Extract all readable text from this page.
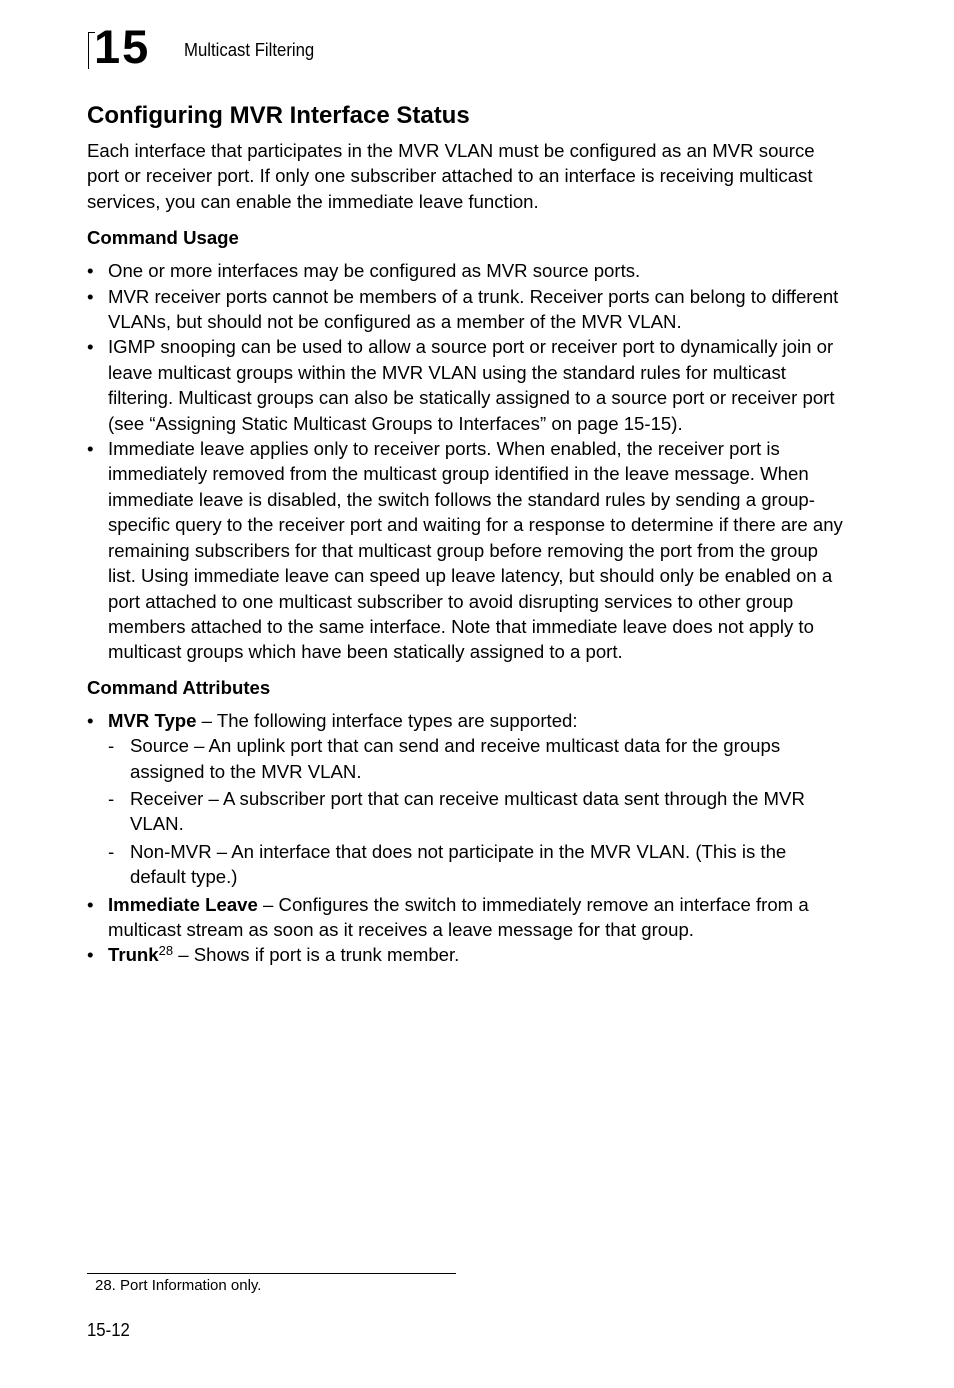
15 Multicast Filtering
Configuring MVR Interface Status

Each interface that participates in the MVR VLAN must be configured as an MVR source port or receiver port. If only one subscriber attached to an interface is receiving multicast services, you can enable the immediate leave function.

Command Usage
• One or more interfaces may be configured as MVR source ports.
• MVR receiver ports cannot be members of a trunk. Receiver ports can belong to different VLANs, but should not be configured as a member of the MVR VLAN.
• IGMP snooping can be used to allow a source port or receiver port to dynamically join or leave multicast groups within the MVR VLAN using the standard rules for multicast filtering. Multicast groups can also be statically assigned to a source port or receiver port (see “Assigning Static Multicast Groups to Interfaces” on page 15-15).
• Immediate leave applies only to receiver ports. When enabled, the receiver port is immediately removed from the multicast group identified in the leave message. When immediate leave is disabled, the switch follows the standard rules by sending a group-specific query to the receiver port and waiting for a response to determine if there are any remaining subscribers for that multicast group before removing the port from the group list. Using immediate leave can speed up leave latency, but should only be enabled on a port attached to one multicast subscriber to avoid disrupting services to other group members attached to the same interface. Note that immediate leave does not apply to multicast groups which have been statically assigned to a port.
Command Attributes
• MVR Type – The following interface types are supported:
- Source – An uplink port that can send and receive multicast data for the groups assigned to the MVR VLAN.
- Receiver – A subscriber port that can receive multicast data sent through the MVR VLAN.
- Non-MVR – An interface that does not participate in the MVR VLAN. (This is the default type.)
• Immediate Leave – Configures the switch to immediately remove an interface from a multicast stream as soon as it receives a leave message for that group.
• Trunk$^{28}$ – Shows if port is a trunk member.
28. Port Information only.
15-12
